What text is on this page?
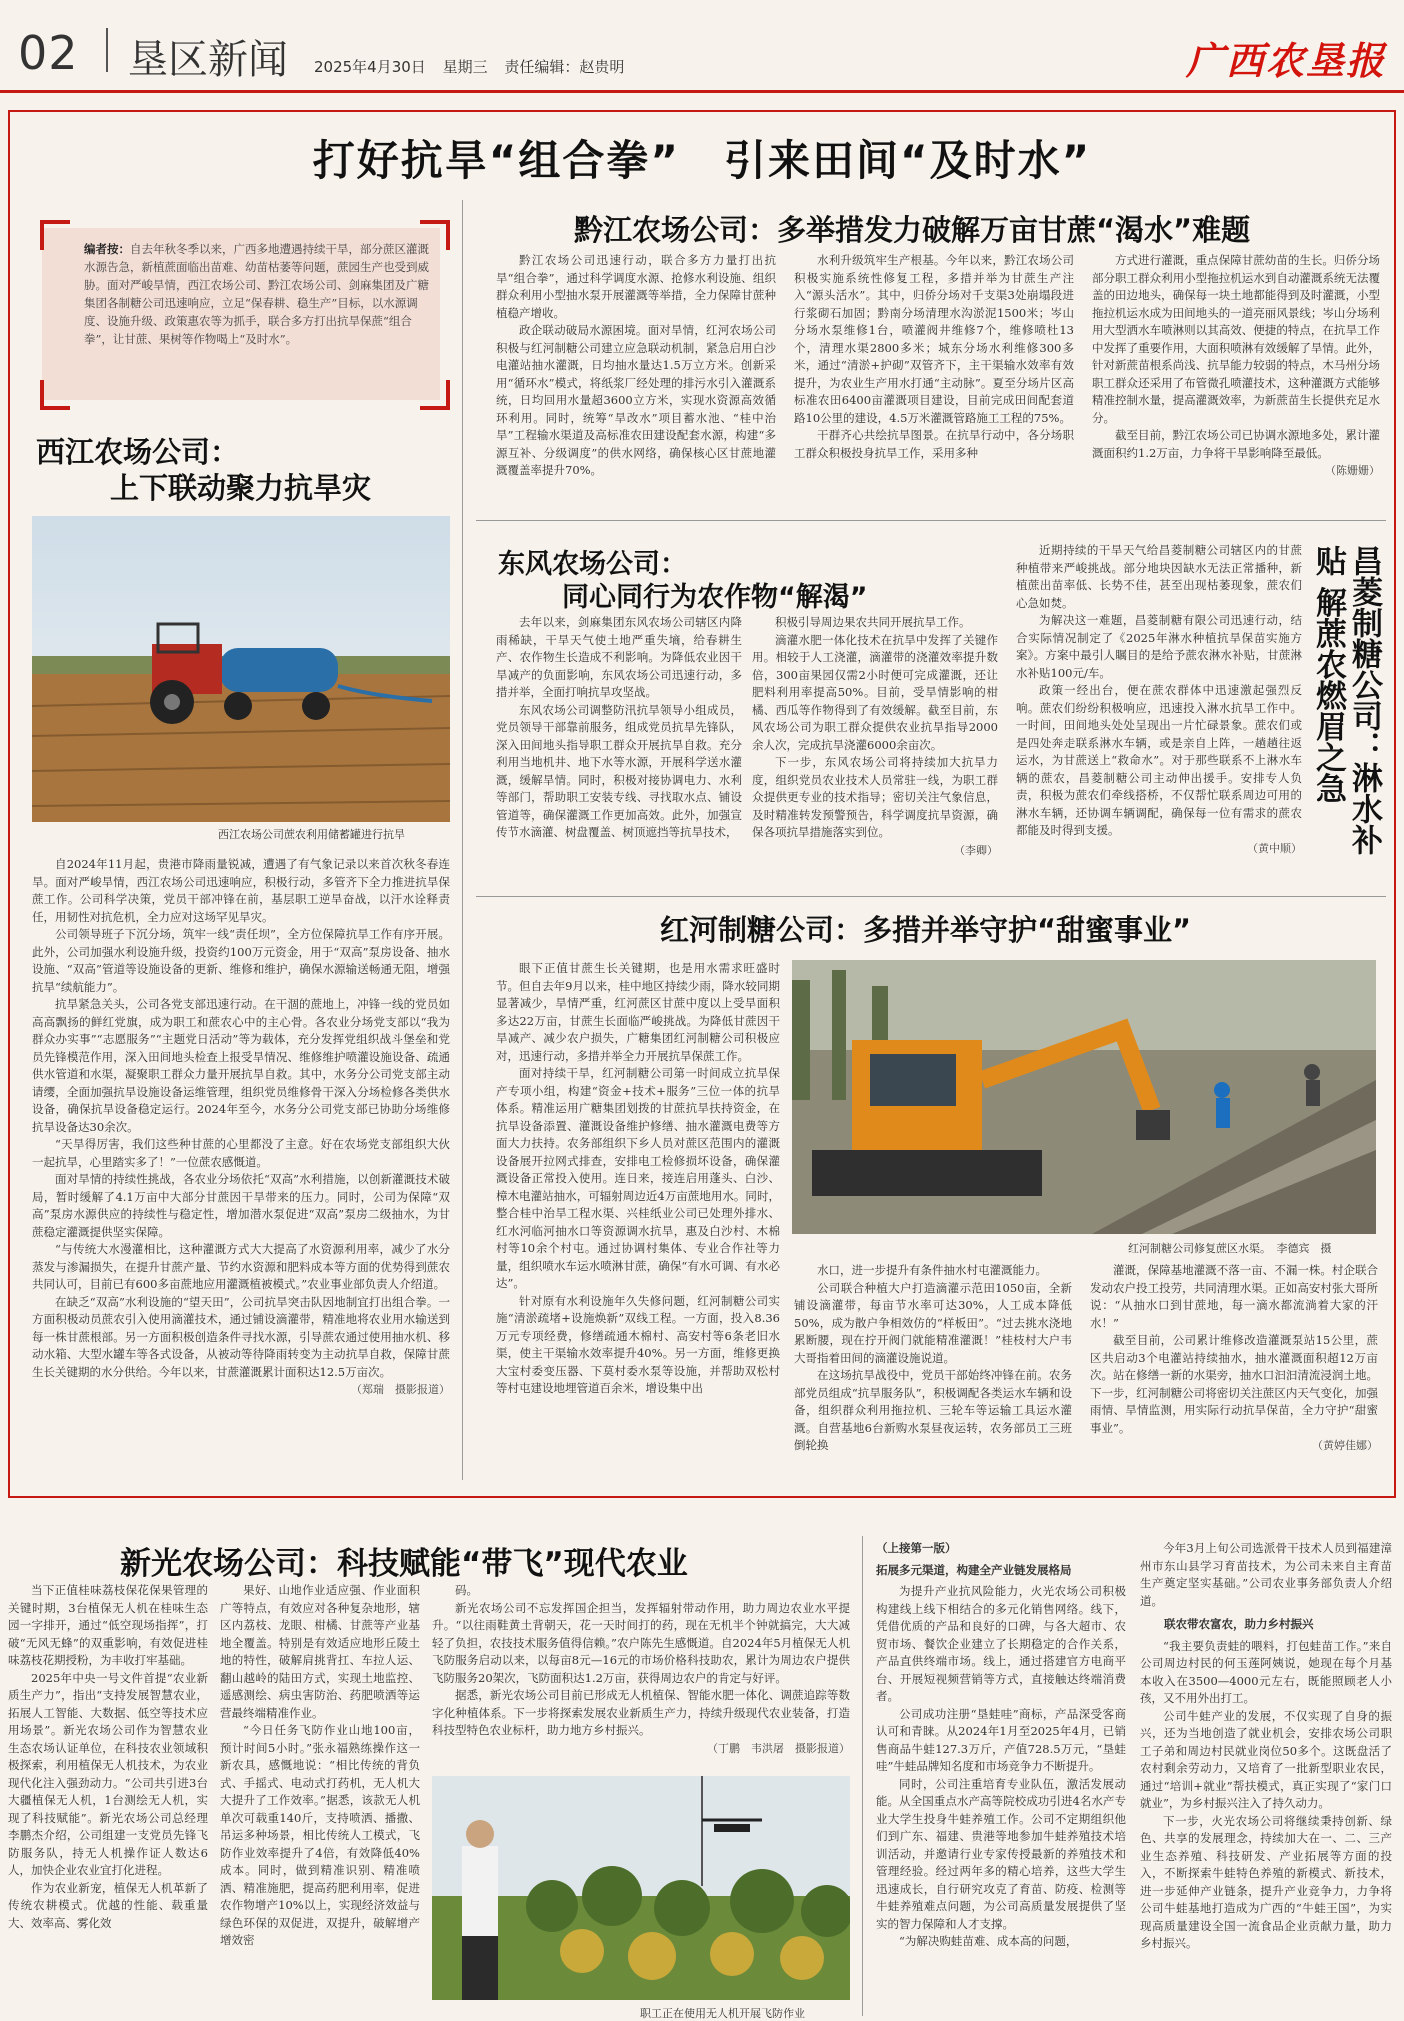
02 垦区新闻 2025年4月30日 星期三 责任编辑：赵贵明	广西农垦报
打好抗旱“组合拳”　引来田间“及时水”
编者按：自去年秋冬季以来，广西多地遭遇持续干旱，部分蔗区灌溉水源告急，新植蔗面临出苗难、幼苗枯萎等问题，蔗园生产也受到威胁。面对严峻旱情，西江农场公司、黔江农场公司、剑麻集团及广糖集团各制糖公司迅速响应，立足“保春耕、稳生产”目标，以水源调度、设施升级、政策惠农等为抓手，联合多方打出抗旱保蔗“组合拳”，让甘蔗、果树等作物喝上“及时水”。
黔江农场公司：多举措发力破解万亩甘蔗“渴水”难题

黔江农场公司迅速行动，联合多方力量打出抗旱“组合拳”，通过科学调度水源、抢修水利设施、组织群众利用小型抽水泵开展灌溉等举措，全力保障甘蔗种植稳产增收。

政企联动破局水源困境。面对旱情，红河农场公司积极与红河制糖公司建立应急联动机制，紧急启用白沙电灌站抽水灌溉，日均抽水量达1.5万立方米。创新采用“循环水”模式，将纸浆厂经处理的排污水引入灌溉系统，日均回用水量超3600立方米，实现水资源高效循环利用。同时，统筹“旱改水”项目蓄水池、“桂中治旱”工程输水渠道及高标准农田建设配套水源，构建“多源互补、分级调度”的供水网络，确保核心区甘蔗地灌溉覆盖率提升70%。

水利升级筑牢生产根基。今年以来，黔江农场公司积极实施系统性修复工程，多措并举为甘蔗生产注入“源头活水”。其中，归侨分场对千支渠3处崩塌段进行浆砌石加固；黔南分场清理水沟淤泥1500米；岑山分场水泵维修1台，喷灌阀井维修7个，维修喷杜13个，清理水渠2800多米；城东分场水利维修300多米，通过“清淤+护砌”双管齐下，主干渠输水效率有效提升，为农业生产用水打通“主动脉”。夏至分场片区高标准农田6400亩灌溉项目建设，目前完成田间配套道路10公里的建设，4.5万米灌溉管路施工工程的75%。

干群齐心共绘抗旱图景。在抗旱行动中，各分场职工群众积极投身抗旱工作，采用多种

方式进行灌溉，重点保障甘蔗幼苗的生长。归侨分场部分职工群众利用小型拖拉机运水到自动灌溉系统无法覆盖的田边地头，确保每一块土地都能得到及时灌溉，小型拖拉机运水成为田间地头的一道亮丽风景线；岑山分场利用大型洒水车喷淋则以其高效、便捷的特点，在抗旱工作中发挥了重要作用，大面积喷淋有效缓解了旱情。此外，针对新蔗苗根系尚浅、抗旱能力较弱的特点，木马州分场职工群众还采用了布管微孔喷灌技术，这种灌溉方式能够精准控制水量，提高灌溉效率，为新蔗苗生长提供充足水分。

截至目前，黔江农场公司已协调水源地多处，累计灌溉面积约1.2万亩，力争将干旱影响降至最低。

（陈姗姗）
西江农场公司：
上下联动聚力抗旱灾
西江农场公司蔗农利用储蓄罐进行抗旱

自2024年11月起，贵港市降雨量锐减，遭遇了有气象记录以来首次秋冬春连旱。面对严峻旱情，西江农场公司迅速响应，积极行动，多管齐下全力推进抗旱保蔗工作。公司科学决策，党员干部冲锋在前，基层职工逆旱奋战，以汗水诠释责任，用韧性对抗危机，全力应对这场罕见旱灾。

公司领导班子下沉分场，筑牢一线“责任坝”，全方位保障抗旱工作有序开展。此外，公司加强水利设施升级，投资约100万元资金，用于“双高”泵房设备、抽水设施、“双高”管道等设施设备的更新、维修和维护，确保水源输送畅通无阻，增强抗旱“续航能力”。

抗旱紧急关头，公司各党支部迅速行动。在干涸的蔗地上，冲锋一线的党员如高高飘扬的鲜红党旗，成为职工和蔗农心中的主心骨。各农业分场党支部以“我为群众办实事”“志愿服务”“主题党日活动”等为载体，充分发挥党组织战斗堡垒和党员先锋模范作用，深入田间地头检查上报受旱情况、维修维护喷灌设施设备、疏通供水管道和水渠，凝聚职工群众力量开展抗旱自救。其中，水务分公司党支部主动请缨，全面加强抗旱设施设备运维管理，组织党员维修骨干深入分场检修各类供水设备，确保抗旱设备稳定运行。2024年至今，水务分公司党支部已协助分场维修抗旱设备达30余次。

“天旱得厉害，我们这些种甘蔗的心里都没了主意。好在农场党支部组织大伙一起抗旱，心里踏实多了！”一位蔗农感慨道。

面对旱情的持续性挑战，各农业分场依托“双高”水利措施，以创新灌溉技术破局，暂时缓解了4.1万亩中大部分甘蔗因干旱带来的压力。同时，公司为保障“双高”泵房水源供应的持续性与稳定性，增加潜水泵促进“双高”泵房二级抽水，为甘蔗稳定灌溉提供坚实保障。

“与传统大水漫灌相比，这种灌溉方式大大提高了水资源利用率，减少了水分蒸发与渗漏损失，在提升甘蔗产量、节约水资源和肥料成本等方面的优势得到蔗农共同认可，目前已有600多亩蔗地应用灌溉植被模式。”农业事业部负责人介绍道。

在缺乏“双高”水利设施的“望天田”，公司抗旱突击队因地制宜打出组合拳。一方面积极动员蔗农引入使用滴灌技术，通过铺设滴灌带，精准地将农业用水输送到每一株甘蔗根部。另一方面积极创造条件寻找水源，引导蔗农通过使用抽水机、移动水箱、大型水罐车等各式设备，从被动等待降雨转变为主动抗旱自救，保障甘蔗生长关键期的水分供给。今年以来，甘蔗灌溉累计面积达12.5万亩次。

（郑瑞　摄影报道）
东风农场公司：
同心同行为农作物“解渴”

去年以来，剑麻集团东风农场公司辖区内降雨稀缺，干旱天气使土地严重失墒，给春耕生产、农作物生长造成不利影响。为降低农业因干旱减产的负面影响，东风农场公司迅速行动，多措并举，全面打响抗旱攻坚战。

东风农场公司调整防汛抗旱领导小组成员，党员领导干部靠前服务，组成党员抗旱先锋队，深入田间地头指导职工群众开展抗旱自救。充分利用当地机井、地下水等水源，开展科学送水灌溉，缓解旱情。同时，积极对接协调电力、水利等部门，帮助职工安装专线、寻找取水点、铺设管道等，确保灌溉工作更加高效。此外，加强宣传节水滴灌、树盘覆盖、树顶遮挡等抗旱技术，

积极引导周边果农共同开展抗旱工作。

滴灌水肥一体化技术在抗旱中发挥了关键作用。相较于人工浇灌，滴灌带的浇灌效率提升数倍，300亩果园仅需2小时便可完成灌溉，还让肥料利用率提高50%。目前，受旱情影响的柑橘、西瓜等作物得到了有效缓解。截至目前，东风农场公司为职工群众提供农业抗旱指导2000余人次，完成抗旱浇灌6000余亩次。

下一步，东风农场公司将持续加大抗旱力度，组织党员农业技术人员常驻一线，为职工群众提供更专业的技术指导；密切关注气象信息，及时精准转发预警预告，科学调度抗旱资源，确保各项抗旱措施落实到位。

（李卿）

近期持续的干旱天气给昌菱制糖公司辖区内的甘蔗种植带来严峻挑战。部分地块因缺水无法正常播种，新植蔗出苗率低、长势不佳，甚至出现枯萎现象，蔗农们心急如焚。

为解决这一难题，昌菱制糖有限公司迅速行动，结合实际情况制定了《2025年淋水种植抗旱保苗实施方案》。方案中最引人瞩目的是给予蔗农淋水补贴，甘蔗淋水补贴100元/车。

政策一经出台，便在蔗农群体中迅速激起强烈反响。蔗农们纷纷积极响应，迅速投入淋水抗旱工作中。一时间，田间地头处处呈现出一片忙碌景象。蔗农们或是四处奔走联系淋水车辆，或是亲自上阵，一趟趟往返运水，为甘蔗送上“救命水”。对于那些联系不上淋水车辆的蔗农，昌菱制糖公司主动伸出援手。安排专人负责，积极为蔗农们牵线搭桥，不仅帮忙联系周边可用的淋水车辆，还协调车辆调配，确保每一位有需求的蔗农都能及时得到支援。

（黄中顺）	昌菱制糖公司：淋水补贴 解蔗农燃眉之急
红河制糖公司：多措并举守护“甜蜜事业”
红河制糖公司修复蔗区水渠。　 李德宾　摄

眼下正值甘蔗生长关键期，也是用水需求旺盛时节。但自去年9月以来，桂中地区持续少雨，降水较同期显著减少，旱情严重，红河蔗区甘蔗中度以上受旱面积多达22万亩，甘蔗生长面临严峻挑战。为降低甘蔗因干旱减产、减少农户损失，广糖集团红河制糖公司积极应对，迅速行动，多措并举全力开展抗旱保蔗工作。

面对持续干旱，红河制糖公司第一时间成立抗旱保产专项小组，构建“资金+技术+服务”三位一体的抗旱体系。精准运用广糖集团划拨的甘蔗抗旱扶持资金，在抗旱设备添置、灌溉设备维护修缮、抽水灌溉电费等方面大力扶持。农务部组织下乡人员对蔗区范围内的灌溉设备展开拉网式排查，安排电工检修损坏设备，确保灌溉设备正常投入使用。连日来，接连启用蓬头、白沙、樟木电灌站抽水，可辐射周边近4万亩蔗地用水。同时，整合桂中治旱工程水渠、兴桂纸业公司已处理外排水、红水河临河抽水口等资源调水抗旱，惠及白沙村、木棉村等10余个村屯。通过协调村集体、专业合作社等力量，组织喷水车运水喷淋甘蔗，确保“有水可调、有水必达”。

针对原有水利设施年久失修问题，红河制糖公司实施“清淤疏堵+设施焕新”双线工程。一方面，投入8.36万元专项经费，修缮疏通木棉村、高安村等6条老旧水渠，使主干渠输水效率提升40%。另一方面，维修更换大宝村委变压器、下莫村委水泵等设施，并帮助双松村等村屯建设地埋管道百余米，增设集中出

水口，进一步提升有条件抽水村屯灌溉能力。

公司联合种植大户打造滴灌示范田1050亩，全新铺设滴灌带，每亩节水率可达30%，人工成本降低50%，成为散户争相效仿的“样板田”。“过去挑水浇地累断腰，现在拧开阀门就能精准灌溉！”桂枝村大户韦大哥指着田间的滴灌设施说道。

在这场抗旱战役中，党员干部始终冲锋在前。农务部党员组成“抗旱服务队”，积极调配各类运水车辆和设备，组织群众利用拖拉机、三轮车等运输工具运水灌溉。自营基地6台新购水泵昼夜运转，农务部员工三班倒轮换

灌溉，保障基地灌溉不落一亩、不漏一株。村企联合发动农户投工投劳，共同清理水渠。正如高安村张大哥所说：“从抽水口到甘蔗地，每一滴水都流淌着大家的汗水！”

截至目前，公司累计维修改造灌溉泵站15公里，蔗区共启动3个电灌站持续抽水，抽水灌溉面积超12万亩次。站在修缮一新的水渠旁，抽水口汩汩清流浸润土地。下一步，红河制糖公司将密切关注蔗区内天气变化，加强雨情、旱情监测，用实际行动抗旱保苗，全力守护“甜蜜事业”。

（黄婷佳娜）
新光农场公司：科技赋能“带飞”现代农业

当下正值桂味荔枝保花保果管理的关键时期，3台植保无人机在桂味生态园一字排开，通过“低空现场指挥”，打破“无风无蜂”的双重影响，有效促进桂味荔枝花期授粉，为丰收打牢基础。

2025年中央一号文件首提“农业新质生产力”，指出“支持发展智慧农业，拓展人工智能、大数据、低空等技术应用场景”。新光农场公司作为智慧农业生态农场认证单位，在科技农业领域积极探索，利用植保无人机技术，为农业现代化注入强劲动力。“公司共引进3台大疆植保无人机，1台测绘无人机，实现了科技赋能”。新光农场公司总经理李鹏杰介绍，公司组建一支党员先锋飞防服务队，持无人机操作证人数达6人，加快企业农业宜打化进程。

作为农业新宠，植保无人机革新了传统农耕模式。优越的性能、载重量大、效率高、雾化效

果好、山地作业适应强、作业面积广等特点，有效应对各种复杂地形，辖区内荔枝、龙眼、柑橘、甘蔗等产业基地全覆盖。特别是有效适应地形丘陵土地的特性，破解肩挑背扛、车拉人运、翻山越岭的陆田方式，实现土地监控、遥感测绘、病虫害防治、药肥喷洒等运营最终端精准作业。

“今日任务飞防作业山地100亩，预计时间5小时。”张永福熟练操作这一新农具，感慨地说：“相比传统的背负式、手摇式、电动式打药机，无人机大大提升了工作效率。”据悉，该款无人机单次可载重140斤，支持喷洒、播撒、吊运多种场景，相比传统人工模式，飞防作业效率提升了4倍，有效降低40%成本。同时，做到精准识别、精准喷洒、精准施肥，提高药肥利用率，促进农作物增产10%以上，实现经济效益与绿色环保的双促进，双提升，破解增产增效密

码。

新光农场公司不忘发挥国企担当，发挥辐射带动作用，助力周边农业水平提升。“以往雨鞋黄土背朝天，花一天时间打的药，现在无机半个钟就搞完，大大减轻了负担，农技技术服务值得信赖。”农户陈先生感慨道。自2024年5月植保无人机飞防服务启动以来，以每亩8元—16元的市场价格科技助农，累计为周边农户提供飞防服务20架次，飞防面积达1.2万亩，获得周边农户的肯定与好评。

据悉，新光农场公司目前已形成无人机植保、智能水肥一体化、调蔗追踪等数字化种植体系。下一步将探索发展农业新质生产力，持续升级现代农业装备，打造科技型特色农业标杆，助力地方乡村振兴。

（丁鹏　韦洪屠　摄影报道）
职工正在使用无人机开展飞防作业
（上接第一版）
拓展多元渠道，构建全产业链发展格局

为提升产业抗风险能力，火光农场公司积极构建线上线下相结合的多元化销售网络。线下，凭借优质的产品和良好的口碑，与各大超市、农贸市场、餐饮企业建立了长期稳定的合作关系，产品直供终端市场。线上，通过搭建官方电商平台、开展短视频营销等方式，直接触达终端消费者。

公司成功注册“垦蛙哇”商标，产品深受客商认可和青睐。从2024年1月至2025年4月，已销售商品牛蛙127.3万斤，产值728.5万元，“垦蛙哇”牛蛙品牌知名度和市场竞争力不断提升。

同时，公司注重培育专业队伍，激活发展动能。从全国重点水产高等院校成功引进4名水产专业大学生投身牛蛙养殖工作。公司不定期组织他们到广东、福建、贵港等地参加牛蛙养殖技术培训活动，并邀请行业专家传授最新的养殖技术和管理经验。经过两年多的精心培养，这些大学生迅速成长，自行研究攻克了育苗、防疫、检测等牛蛙养殖难点问题，为公司高质量发展提供了坚实的智力保障和人才支撑。

“为解决购蛙苗难、成本高的问题，

今年3月上旬公司选派骨干技术人员到福建漳州市东山县学习育苗技术，为公司未来自主育苗生产奠定坚实基础。”公司农业事务部负责人介绍道。

联农带农富农，助力乡村振兴

“我主要负责蛙的喂料，打包蛙苗工作。”来自公司周边村民的何玉莲阿姨说，她现在每个月基本收入在3500—4000元左右，既能照顾老人小孩，又不用外出打工。

公司牛蛙产业的发展，不仅实现了自身的振兴，还为当地创造了就业机会，安排农场公司职工子弟和周边村民就业岗位50多个。这既盘活了农村剩余劳动力，又培育了一批新型职业农民，通过“培训+就业”帮扶模式，真正实现了“家门口就业”，为乡村振兴注入了持久动力。

下一步，火光农场公司将继续秉持创新、绿色、共享的发展理念，持续加大在一、二、三产业生态养殖、科技研发、产业拓展等方面的投入，不断探索牛蛙特色养殖的新模式、新技术，进一步延伸产业链条，提升产业竞争力，力争将公司牛蛙基地打造成为广西的“牛蛙王国”，为实现高质量建设全国一流食品企业贡献力量，助力乡村振兴。
